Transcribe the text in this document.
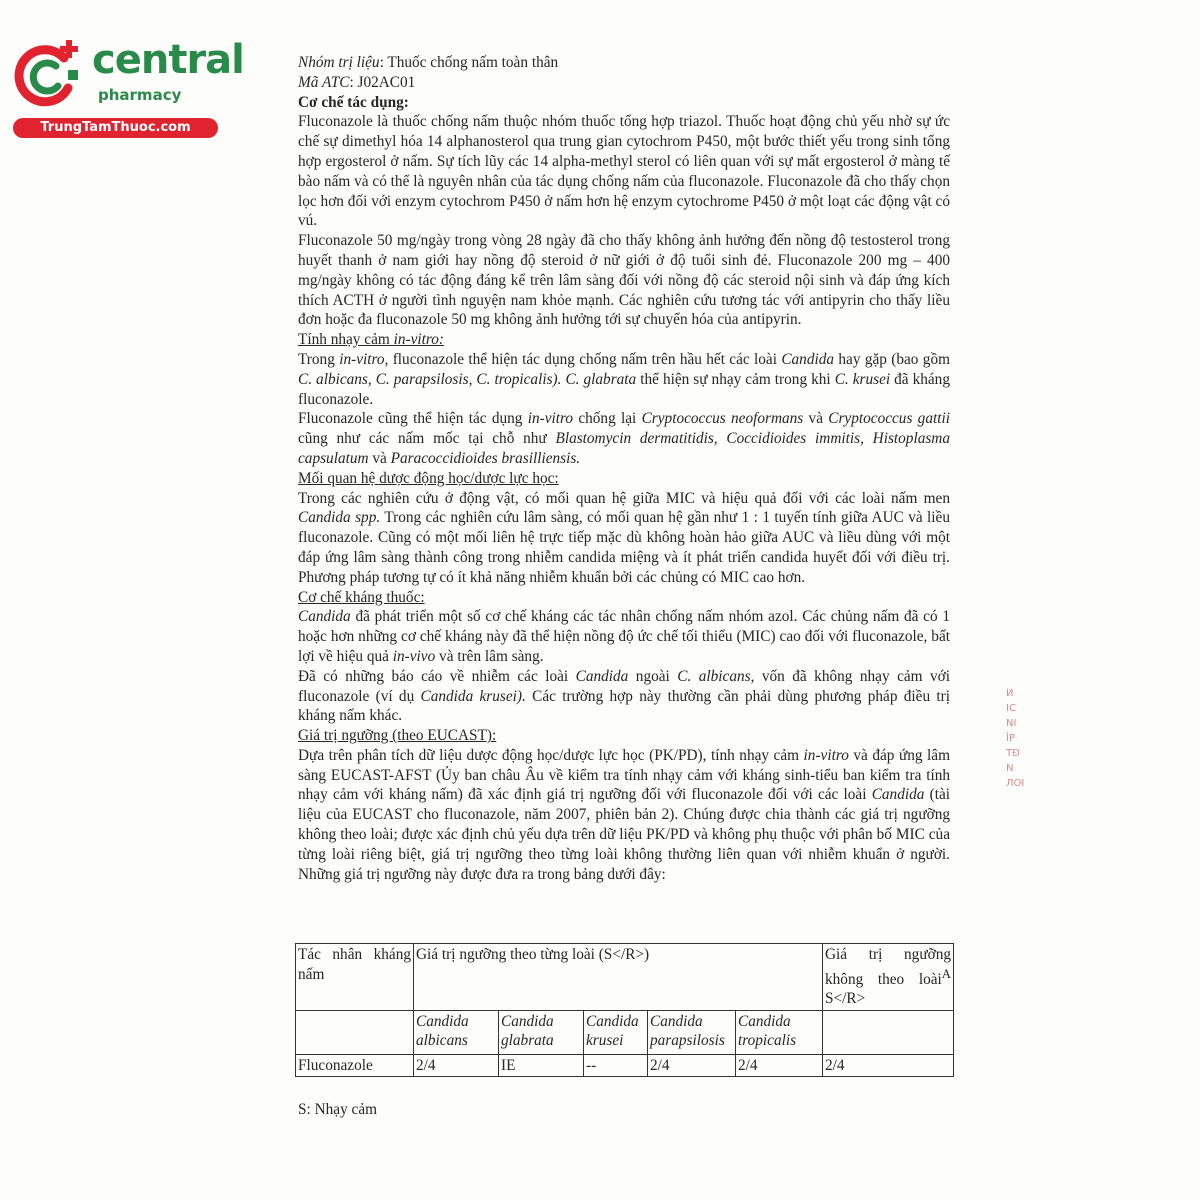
central
pharmacy
TrungTamThuoc.com

Nhóm trị liệu: Thuốc chống nấm toàn thân

Mã ATC: J02AC01

Cơ chế tác dụng:

Fluconazole là thuốc chống nấm thuộc nhóm thuốc tổng hợp triazol. Thuốc hoạt động chủ yếu nhờ sự ức chế sự dimethyl hóa 14 alphanosterol qua trung gian cytochrom P450, một bước thiết yếu trong sinh tổng hợp ergosterol ở nấm. Sự tích lũy các 14 alpha-methyl sterol có liên quan với sự mất ergosterol ở màng tế bào nấm và có thể là nguyên nhân của tác dụng chống nấm của fluconazole. Fluconazole đã cho thấy chọn lọc hơn đối với enzym cytochrom P450 ở nấm hơn hệ enzym cytochrome P450 ở một loạt các động vật có vú.

Fluconazole 50 mg/ngày trong vòng 28 ngày đã cho thấy không ảnh hưởng đến nồng độ testosterol trong huyết thanh ở nam giới hay nồng độ steroid ở nữ giới ở độ tuổi sinh đẻ. Fluconazole 200 mg – 400 mg/ngày không có tác động đáng kể trên lâm sàng đối với nồng độ các steroid nội sinh và đáp ứng kích thích ACTH ở người tình nguyện nam khỏe mạnh. Các nghiên cứu tương tác với antipyrin cho thấy liều đơn hoặc đa fluconazole 50 mg không ảnh hưởng tới sự chuyển hóa của antipyrin.

Tính nhạy cảm in-vitro:

Trong in-vitro, fluconazole thể hiện tác dụng chống nấm trên hầu hết các loài Candida hay gặp (bao gồm C. albicans, C. parapsilosis, C. tropicalis). C. glabrata thể hiện sự nhạy cảm trong khi C. krusei đã kháng fluconazole.

Fluconazole cũng thể hiện tác dụng in-vitro chống lại Cryptococcus neoformans và Cryptococcus gattii cũng như các nấm mốc tại chỗ như Blastomycin dermatitidis, Coccidioides immitis, Histoplasma capsulatum và Paracoccidioides brasilliensis.

Mối quan hệ dược động học/dược lực học:

Trong các nghiên cứu ở động vật, có mối quan hệ giữa MIC và hiệu quả đối với các loài nấm men Candida spp. Trong các nghiên cứu lâm sàng, có mối quan hệ gần như 1 : 1 tuyến tính giữa AUC và liều fluconazole. Cũng có một mối liên hệ trực tiếp mặc dù không hoàn hảo giữa AUC và liều dùng với một đáp ứng lâm sàng thành công trong nhiễm candida miệng và ít phát triển candida huyết đối với điều trị. Phương pháp tương tự có ít khả năng nhiễm khuẩn bởi các chủng có MIC cao hơn.

Cơ chế kháng thuốc:

Candida đã phát triển một số cơ chế kháng các tác nhân chống nấm nhóm azol. Các chủng nấm đã có 1 hoặc hơn những cơ chế kháng này đã thể hiện nồng độ ức chế tối thiểu (MIC) cao đối với fluconazole, bất lợi về hiệu quả in-vivo và trên lâm sàng.

Đã có những báo cáo về nhiễm các loài Candida ngoài C. albicans, vốn đã không nhạy cảm với fluconazole (ví dụ Candida krusei). Các trường hợp này thường cần phải dùng phương pháp điều trị kháng nấm khác.

Giá trị ngưỡng (theo EUCAST):

Dựa trên phân tích dữ liệu dược động học/dược lực học (PK/PD), tính nhạy cảm in-vitro và đáp ứng lâm sàng EUCAST-AFST (Ủy ban châu Âu về kiểm tra tính nhạy cảm với kháng sinh-tiểu ban kiểm tra tính nhạy cảm với kháng nấm) đã xác định giá trị ngưỡng đối với fluconazole đối với các loài Candida (tài liệu của EUCAST cho fluconazole, năm 2007, phiên bản 2). Chúng được chia thành các giá trị ngưỡng không theo loài; được xác định chủ yếu dựa trên dữ liệu PK/PD và không phụ thuộc với phân bố MIC của từng loài riêng biệt, giá trị ngưỡng theo từng loài không thường liên quan với nhiễm khuẩn ở người. Những giá trị ngưỡng này được đưa ra trong bảng dưới đây:

Tác nhân kháng nấm	Giá trị ngưỡng theo từng loài (S</R>)					Giá trị ngưỡng không theo loài$^A$ S</R>
	Candida albicans	Candida glabrata	Candida krusei	Candida parapsilosis	Candida tropicalis	
Fluconazole	2/4	IE	--	2/4	2/4	2/4
S: Nhạy cảm
И
ІС
NI
İP
ТĐ
N
ЛОІ
